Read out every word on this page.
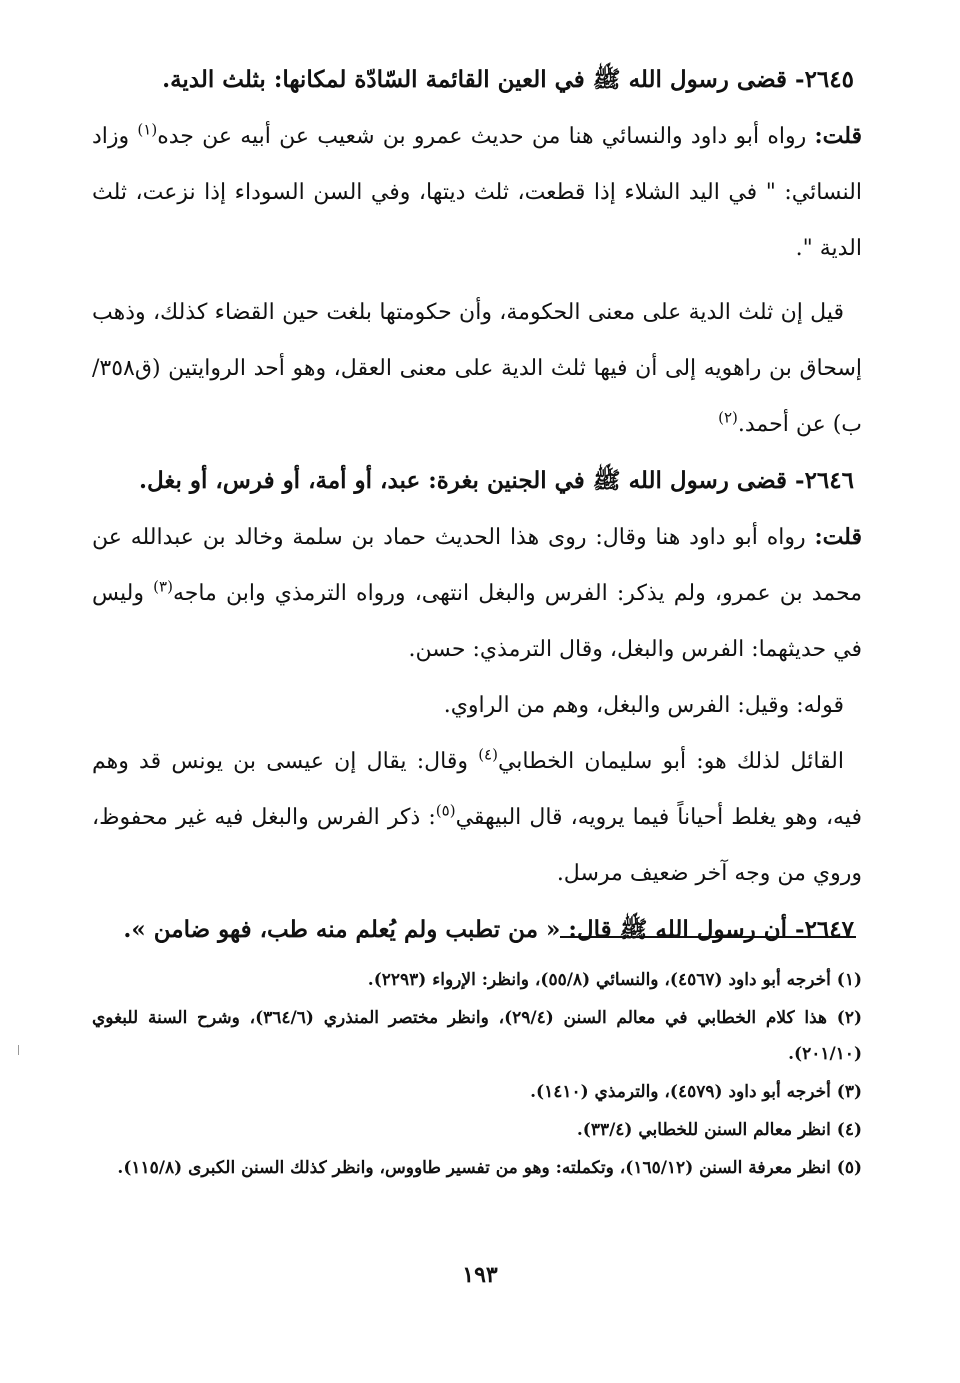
٢٦٤٥- قضى رسول الله ﷺ في العين القائمة السّادّة لمكانها: بثلث الدية.

قلت: رواه أبو داود والنسائي هنا من حديث عمرو بن شعيب عن أبيه عن جده$^{(١)}$ وزاد النسائي: " في اليد الشلاء إذا قطعت، ثلث ديتها، وفي السن السوداء إذا نزعت، ثلث الدية ".

قيل إن ثلث الدية على معنى الحكومة، وأن حكومتها بلغت حين القضاء كذلك، وذهب إسحاق بن راهويه إلى أن فيها ثلث الدية على معنى العقل، وهو أحد الروايتين (ق٣٥٨/ب) عن أحمد.$^{(٢)}$

٢٦٤٦- قضى رسول الله ﷺ في الجنين بغرة: عبد، أو أمة، أو فرس، أو بغل.

قلت: رواه أبو داود هنا وقال: روى هذا الحديث حماد بن سلمة وخالد بن عبدالله عن محمد بن عمرو، ولم يذكر: الفرس والبغل انتهى، ورواه الترمذي وابن ماجه$^{(٣)}$ وليس في حديثهما: الفرس والبغل، وقال الترمذي: حسن.

قوله: وقيل: الفرس والبغل، وهم من الراوي.

القائل لذلك هو: أبو سليمان الخطابي$^{(٤)}$ وقال: يقال إن عيسى بن يونس قد وهم فيه، وهو يغلط أحياناً فيما يرويه، قال البيهقي$^{(٥)}$: ذكر الفرس والبغل فيه غير محفوظ، وروي من وجه آخر ضعيف مرسل.

٢٦٤٧- أن رسول الله ﷺ قال: « من تطبب ولم يُعلم منه طب، فهو ضامن ».

(١) أخرجه أبو داود (٤٥٦٧)، والنسائي (٥٥/٨)، وانظر: الإرواء (٢٢٩٣).

(٢) هذا كلام الخطابي في معالم السنن (٢٩/٤)، وانظر مختصر المنذري (٣٦٤/٦)، وشرح السنة للبغوي (٢٠١/١٠).

(٣) أخرجه أبو داود (٤٥٧٩)، والترمذي (١٤١٠).

(٤) انظر معالم السنن للخطابي (٣٣/٤).

(٥) انظر معرفة السنن (١٦٥/١٢)، وتكملته: وهو من تفسير طاووس، وانظر كذلك السنن الكبرى (١١٥/٨).

١٩٣
